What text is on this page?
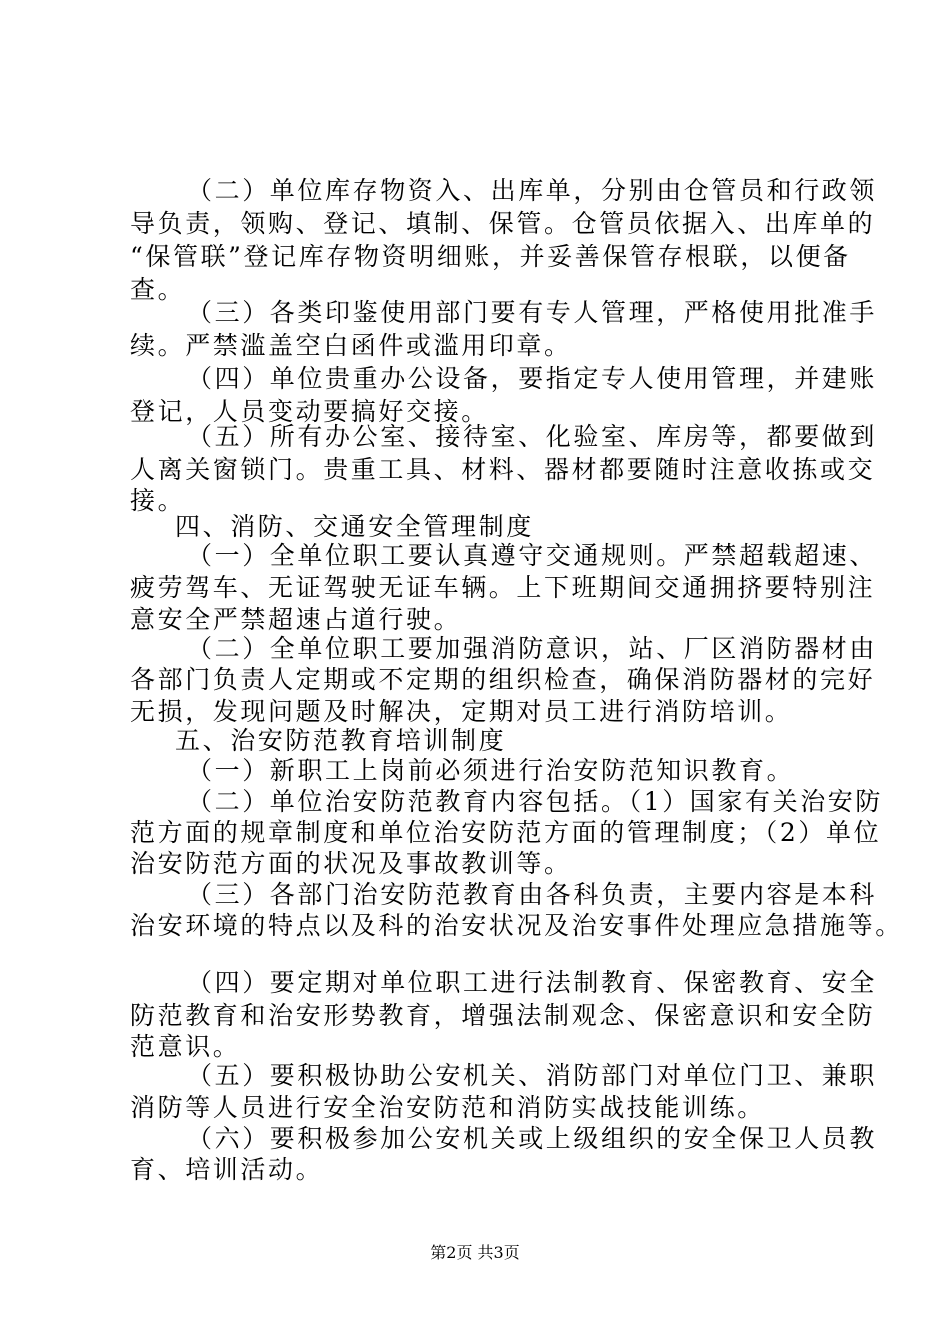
（二）单位库存物资入、出库单，分别由仓管员和行政领
导负责，领购、登记、填制、保管。仓管员依据入、出库单的
“保管联”登记库存物资明细账，并妥善保管存根联，以便备
查。
（三）各类印鉴使用部门要有专人管理，严格使用批准手
续。严禁滥盖空白函件或滥用印章。
（四）单位贵重办公设备，要指定专人使用管理，并建账
登记，人员变动要搞好交接。
（五）所有办公室、接待室、化验室、库房等，都要做到
人离关窗锁门。贵重工具、材料、器材都要随时注意收拣或交
接。
四、消防、交通安全管理制度
（一）全单位职工要认真遵守交通规则。严禁超载超速、
疲劳驾车、无证驾驶无证车辆。上下班期间交通拥挤要特别注
意安全严禁超速占道行驶。
（二）全单位职工要加强消防意识，站、厂区消防器材由
各部门负责人定期或不定期的组织检查，确保消防器材的完好
无损，发现问题及时解决，定期对员工进行消防培训。
五、治安防范教育培训制度
（一）新职工上岗前必须进行治安防范知识教育。
（二）单位治安防范教育内容包括。（1）国家有关治安防
范方面的规章制度和单位治安防范方面的管理制度；（2）单位
治安防范方面的状况及事故教训等。
（三）各部门治安防范教育由各科负责，主要内容是本科
治安环境的特点以及科的治安状况及治安事件处理应急措施等。
（四）要定期对单位职工进行法制教育、保密教育、安全
防范教育和治安形势教育，增强法制观念、保密意识和安全防
范意识。
（五）要积极协助公安机关、消防部门对单位门卫、兼职
消防等人员进行安全治安防范和消防实战技能训练。
（六）要积极参加公安机关或上级组织的安全保卫人员教
育、培训活动。
第2页 共3页
